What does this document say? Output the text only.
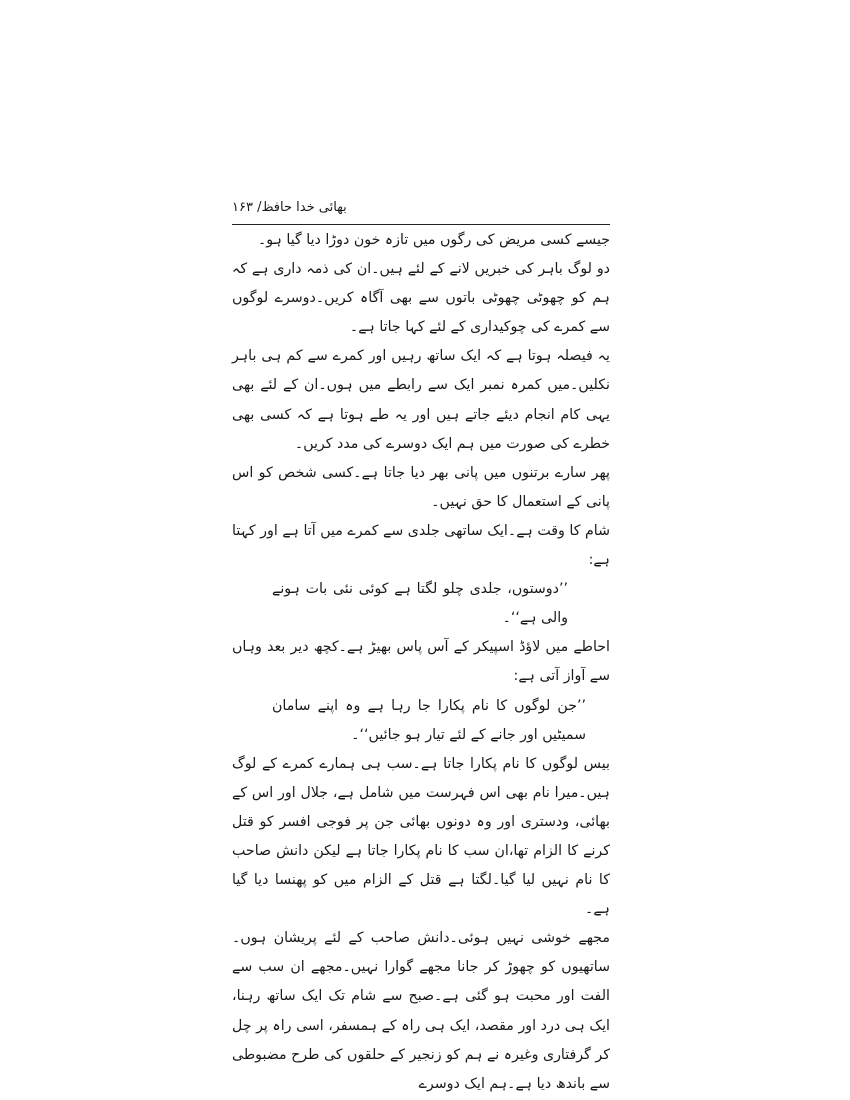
بھائی خدا حافظ/ ۱۶۳

جیسے کسی مریض کی رگوں میں تازہ خون دوڑا دیا گیا ہو۔

دو لوگ باہر کی خبریں لانے کے لئے ہیں۔ان کی ذمہ داری ہے کہ ہم کو چھوٹی چھوٹی باتوں سے بھی آگاہ کریں۔دوسرے لوگوں سے کمرے کی چوکیداری کے لئے کہا جاتا ہے۔

یہ فیصلہ ہوتا ہے کہ ایک ساتھ رہیں اور کمرے سے کم ہی باہر نکلیں۔میں کمرہ نمبر ایک سے رابطے میں ہوں۔ان کے لئے بھی یہی کام انجام دیئے جاتے ہیں اور یہ طے ہوتا ہے کہ کسی بھی خطرے کی صورت میں ہم ایک دوسرے کی مدد کریں۔

پھر سارے برتنوں میں پانی بھر دیا جاتا ہے۔کسی شخص کو اس پانی کے استعمال کا حق نہیں۔

شام کا وقت ہے۔ایک ساتھی جلدی سے کمرے میں آتا ہے اور کہتا ہے:

’’دوستوں، جلدی چلو لگتا ہے کوئی نئی بات ہونے والی ہے‘‘۔

احاطے میں لاؤڈ اسپیکر کے آس پاس بھیڑ ہے۔کچھ دیر بعد وہاں سے آواز آتی ہے:

’’جن لوگوں کا نام پکارا جا رہا ہے وہ اپنے سامان سمیٹیں اور جانے کے لئے تیار ہو جائیں‘‘۔

بیس لوگوں کا نام پکارا جاتا ہے۔سب ہی ہمارے کمرے کے لوگ ہیں۔میرا نام بھی اس فہرست میں شامل ہے، جلال اور اس کے بھائی، ودستری اور وہ دونوں بھائی جن پر فوجی افسر کو قتل کرنے کا الزام تھا،ان سب کا نام پکارا جاتا ہے لیکن دانش صاحب کا نام نہیں لیا گیا۔لگتا ہے قتل کے الزام میں کو پھنسا دیا گیا ہے۔

مجھے خوشی نہیں ہوئی۔دانش صاحب کے لئے پریشان ہوں۔ساتھیوں کو چھوڑ کر جانا مجھے گوارا نہیں۔مجھے ان سب سے الفت اور محبت ہو گئی ہے۔صبح سے شام تک ایک ساتھ رہنا، ایک ہی درد اور مقصد، ایک ہی راہ کے ہمسفر، اسی راہ پر چل کر گرفتاری وغیرہ نے ہم کو زنجیر کے حلقوں کی طرح مضبوطی سے باندھ دیا ہے۔ہم ایک دوسرے
